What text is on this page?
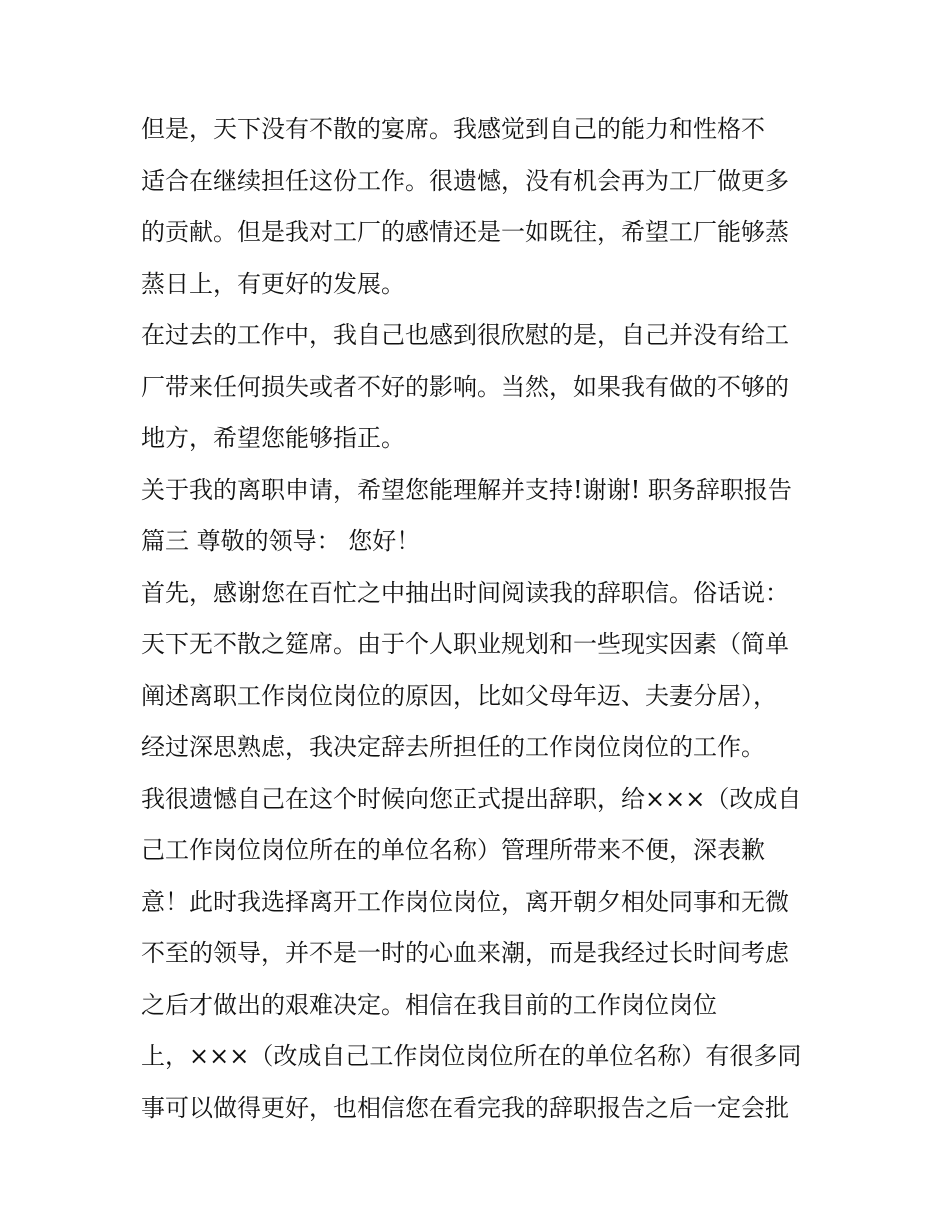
但是，天下没有不散的宴席。我感觉到自己的能力和性格不
适合在继续担任这份工作。很遗憾，没有机会再为工厂做更多
的贡献。但是我对工厂的感情还是一如既往，希望工厂能够蒸
蒸日上，有更好的发展。
在过去的工作中，我自己也感到很欣慰的是，自己并没有给工
厂带来任何损失或者不好的影响。当然，如果我有做的不够的
地方，希望您能够指正。
关于我的离职申请，希望您能理解并支持!谢谢! 职务辞职报告
篇三 尊敬的领导： 您好！
首先，感谢您在百忙之中抽出时间阅读我的辞职信。俗话说：
天下无不散之筵席。由于个人职业规划和一些现实因素（简单
阐述离职工作岗位岗位的原因，比如父母年迈、夫妻分居），
经过深思熟虑，我决定辞去所担任的工作岗位岗位的工作。
我很遗憾自己在这个时候向您正式提出辞职，给×××（改成自
己工作岗位岗位所在的单位名称）管理所带来不便，深表歉
意！此时我选择离开工作岗位岗位，离开朝夕相处同事和无微
不至的领导，并不是一时的心血来潮，而是我经过长时间考虑
之后才做出的艰难决定。相信在我目前的工作岗位岗位
上，×××（改成自己工作岗位岗位所在的单位名称）有很多同
事可以做得更好，也相信您在看完我的辞职报告之后一定会批
